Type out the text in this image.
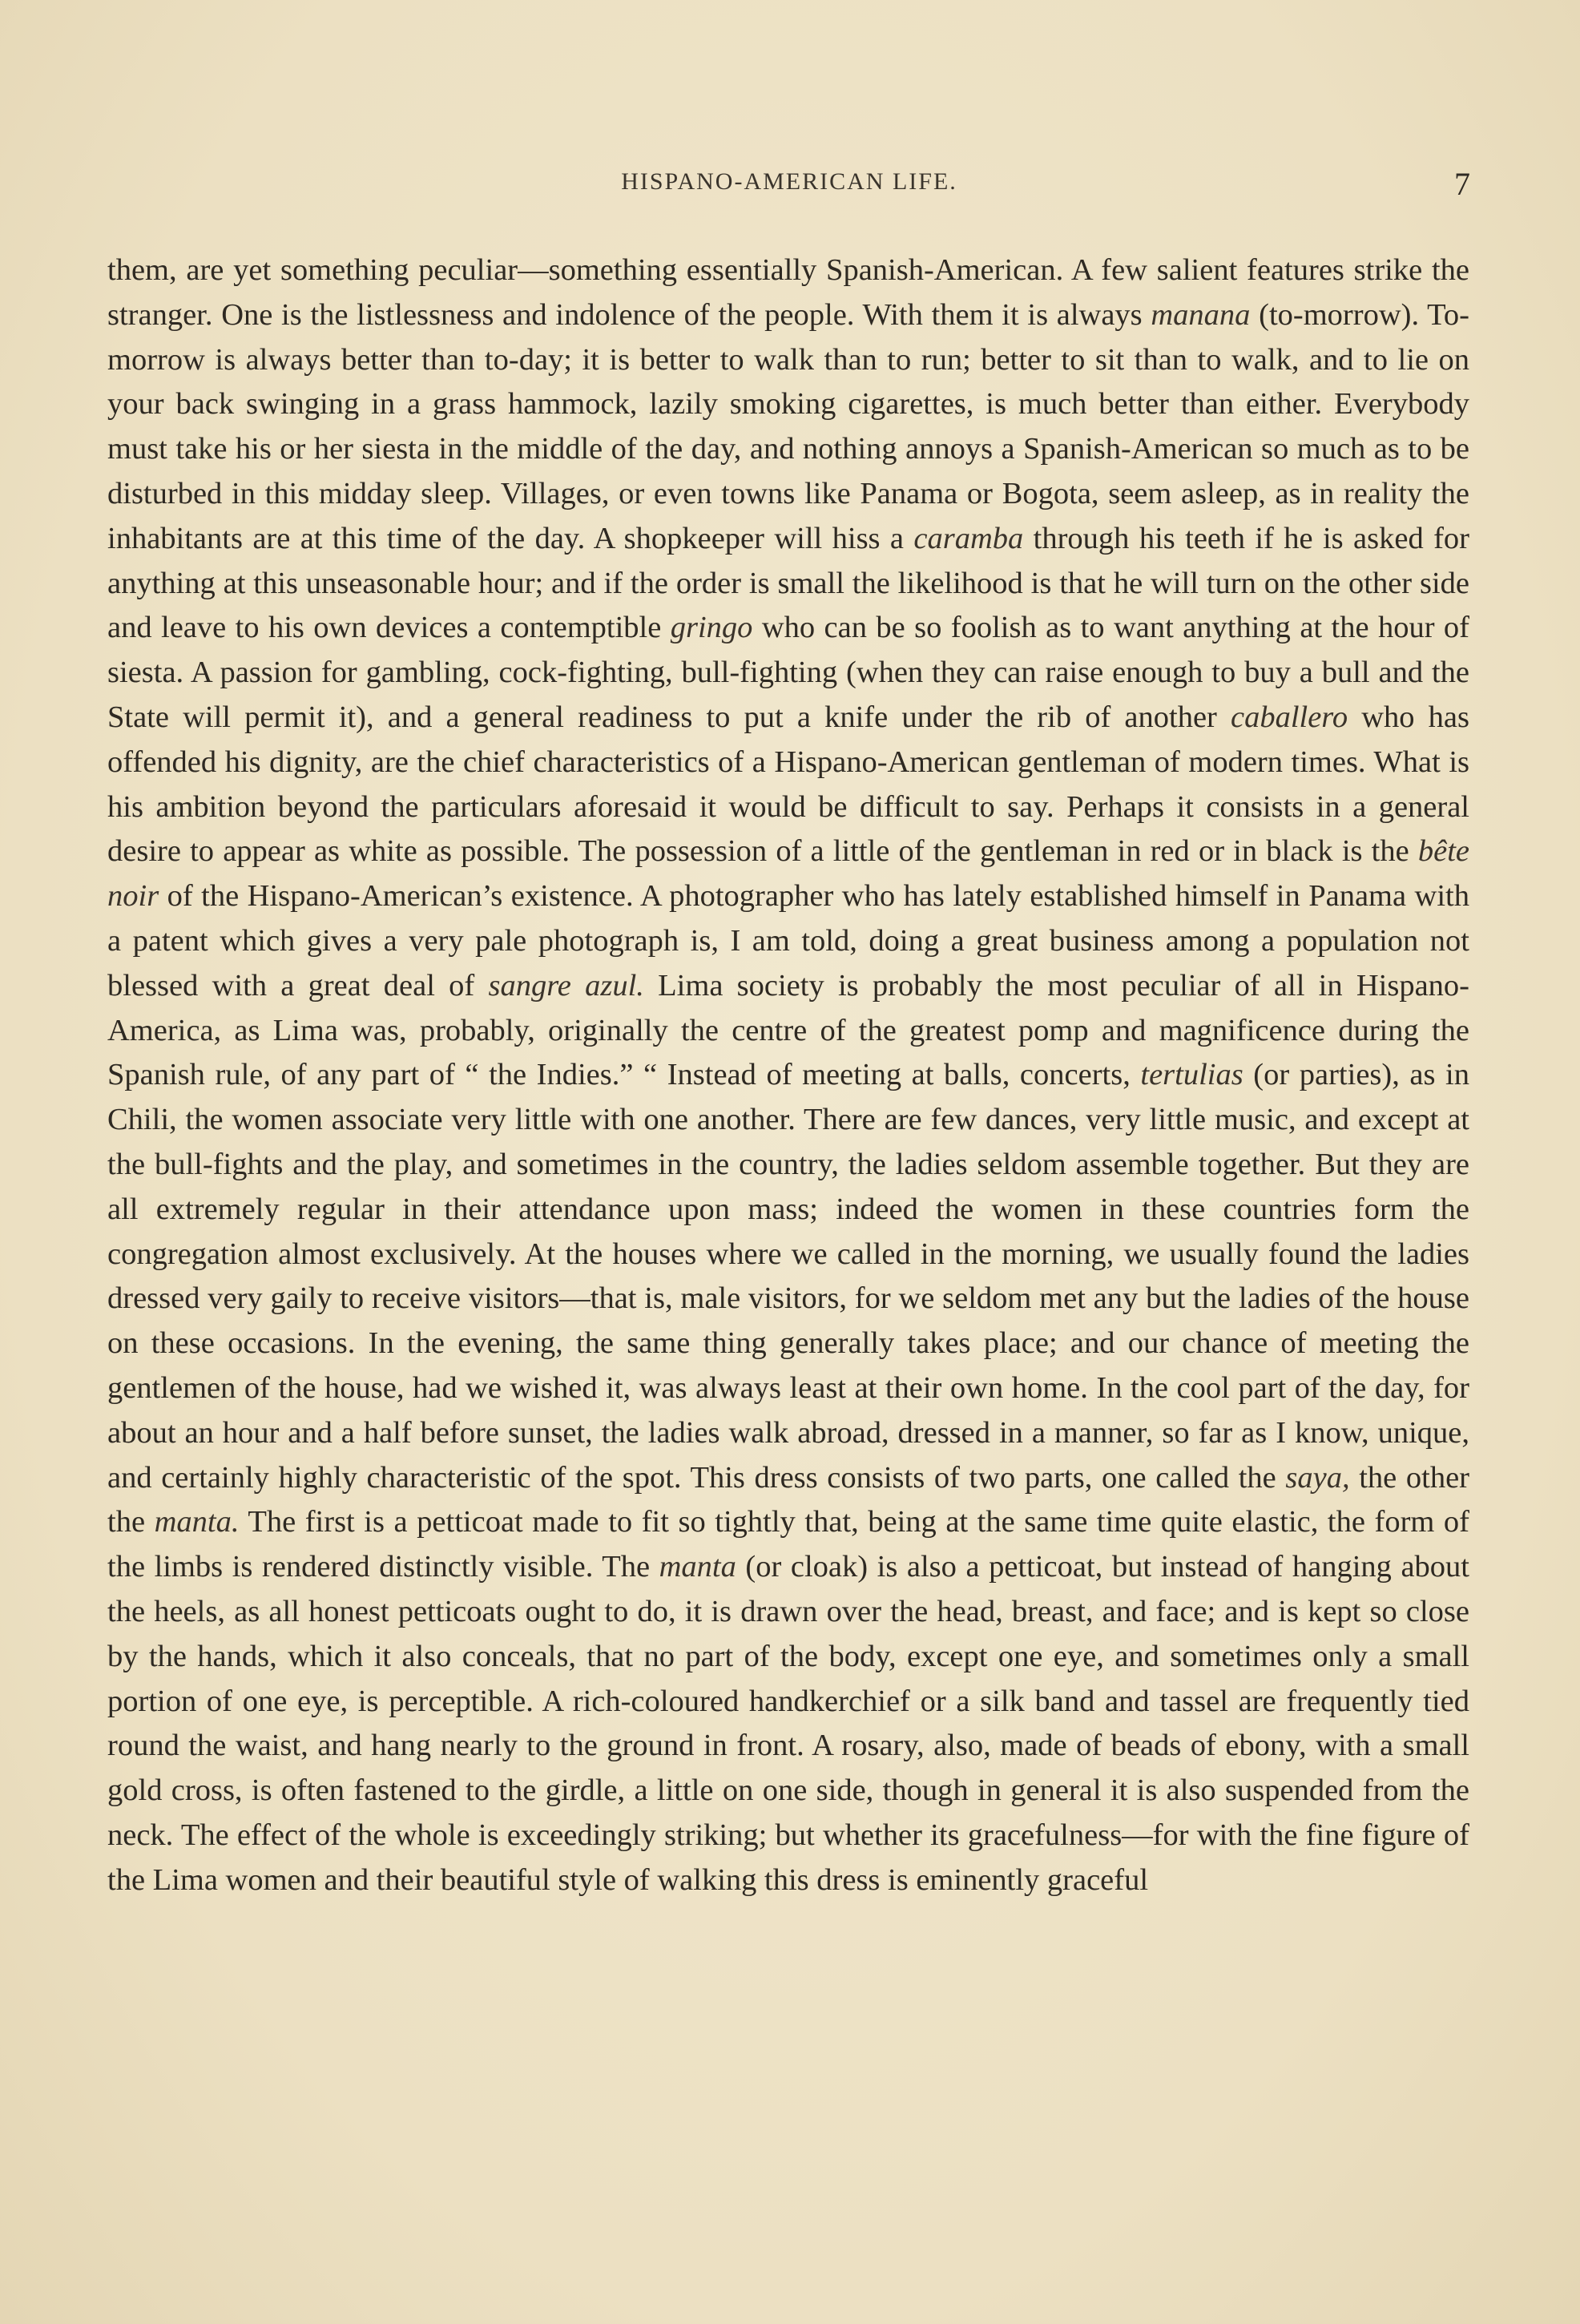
HISPANO-AMERICAN LIFE.	7

them, are yet something peculiar—something essentially Spanish-American. A few salient features strike the stranger. One is the listlessness and indolence of the people. With them it is always manana (to-morrow). To-morrow is always better than to-day; it is better to walk than to run; better to sit than to walk, and to lie on your back swinging in a grass hammock, lazily smoking cigarettes, is much better than either. Everybody must take his or her siesta in the middle of the day, and nothing annoys a Spanish-American so much as to be disturbed in this midday sleep. Villages, or even towns like Panama or Bogota, seem asleep, as in reality the inhabitants are at this time of the day. A shopkeeper will hiss a caramba through his teeth if he is asked for anything at this unseasonable hour; and if the order is small the likelihood is that he will turn on the other side and leave to his own devices a contemptible gringo who can be so foolish as to want anything at the hour of siesta. A passion for gambling, cock-fighting, bull-fighting (when they can raise enough to buy a bull and the State will permit it), and a general readiness to put a knife under the rib of another caballero who has offended his dignity, are the chief characteristics of a Hispano-American gentleman of modern times. What is his ambition beyond the particulars aforesaid it would be difficult to say. Perhaps it consists in a general desire to appear as white as possible. The possession of a little of the gentleman in red or in black is the bête noir of the Hispano-American’s existence. A photographer who has lately established himself in Panama with a patent which gives a very pale photograph is, I am told, doing a great business among a population not blessed with a great deal of sangre azul. Lima society is probably the most peculiar of all in Hispano-America, as Lima was, probably, originally the centre of the greatest pomp and magnificence during the Spanish rule, of any part of “ the Indies.” “ Instead of meeting at balls, concerts, tertulias (or parties), as in Chili, the women associate very little with one another. There are few dances, very little music, and except at the bull-fights and the play, and sometimes in the country, the ladies seldom assemble together. But they are all extremely regular in their attendance upon mass; indeed the women in these countries form the congregation almost exclusively. At the houses where we called in the morning, we usually found the ladies dressed very gaily to receive visitors—that is, male visitors, for we seldom met any but the ladies of the house on these occasions. In the evening, the same thing generally takes place; and our chance of meeting the gentlemen of the house, had we wished it, was always least at their own home. In the cool part of the day, for about an hour and a half before sunset, the ladies walk abroad, dressed in a manner, so far as I know, unique, and certainly highly characteristic of the spot. This dress consists of two parts, one called the saya, the other the manta. The first is a petticoat made to fit so tightly that, being at the same time quite elastic, the form of the limbs is rendered distinctly visible. The manta (or cloak) is also a petticoat, but instead of hanging about the heels, as all honest petticoats ought to do, it is drawn over the head, breast, and face; and is kept so close by the hands, which it also conceals, that no part of the body, except one eye, and sometimes only a small portion of one eye, is perceptible. A rich-coloured handkerchief or a silk band and tassel are frequently tied round the waist, and hang nearly to the ground in front. A rosary, also, made of beads of ebony, with a small gold cross, is often fastened to the girdle, a little on one side, though in general it is also suspended from the neck. The effect of the whole is exceedingly striking; but whether its gracefulness—for with the fine figure of the Lima women and their beautiful style of walking this dress is eminently graceful
